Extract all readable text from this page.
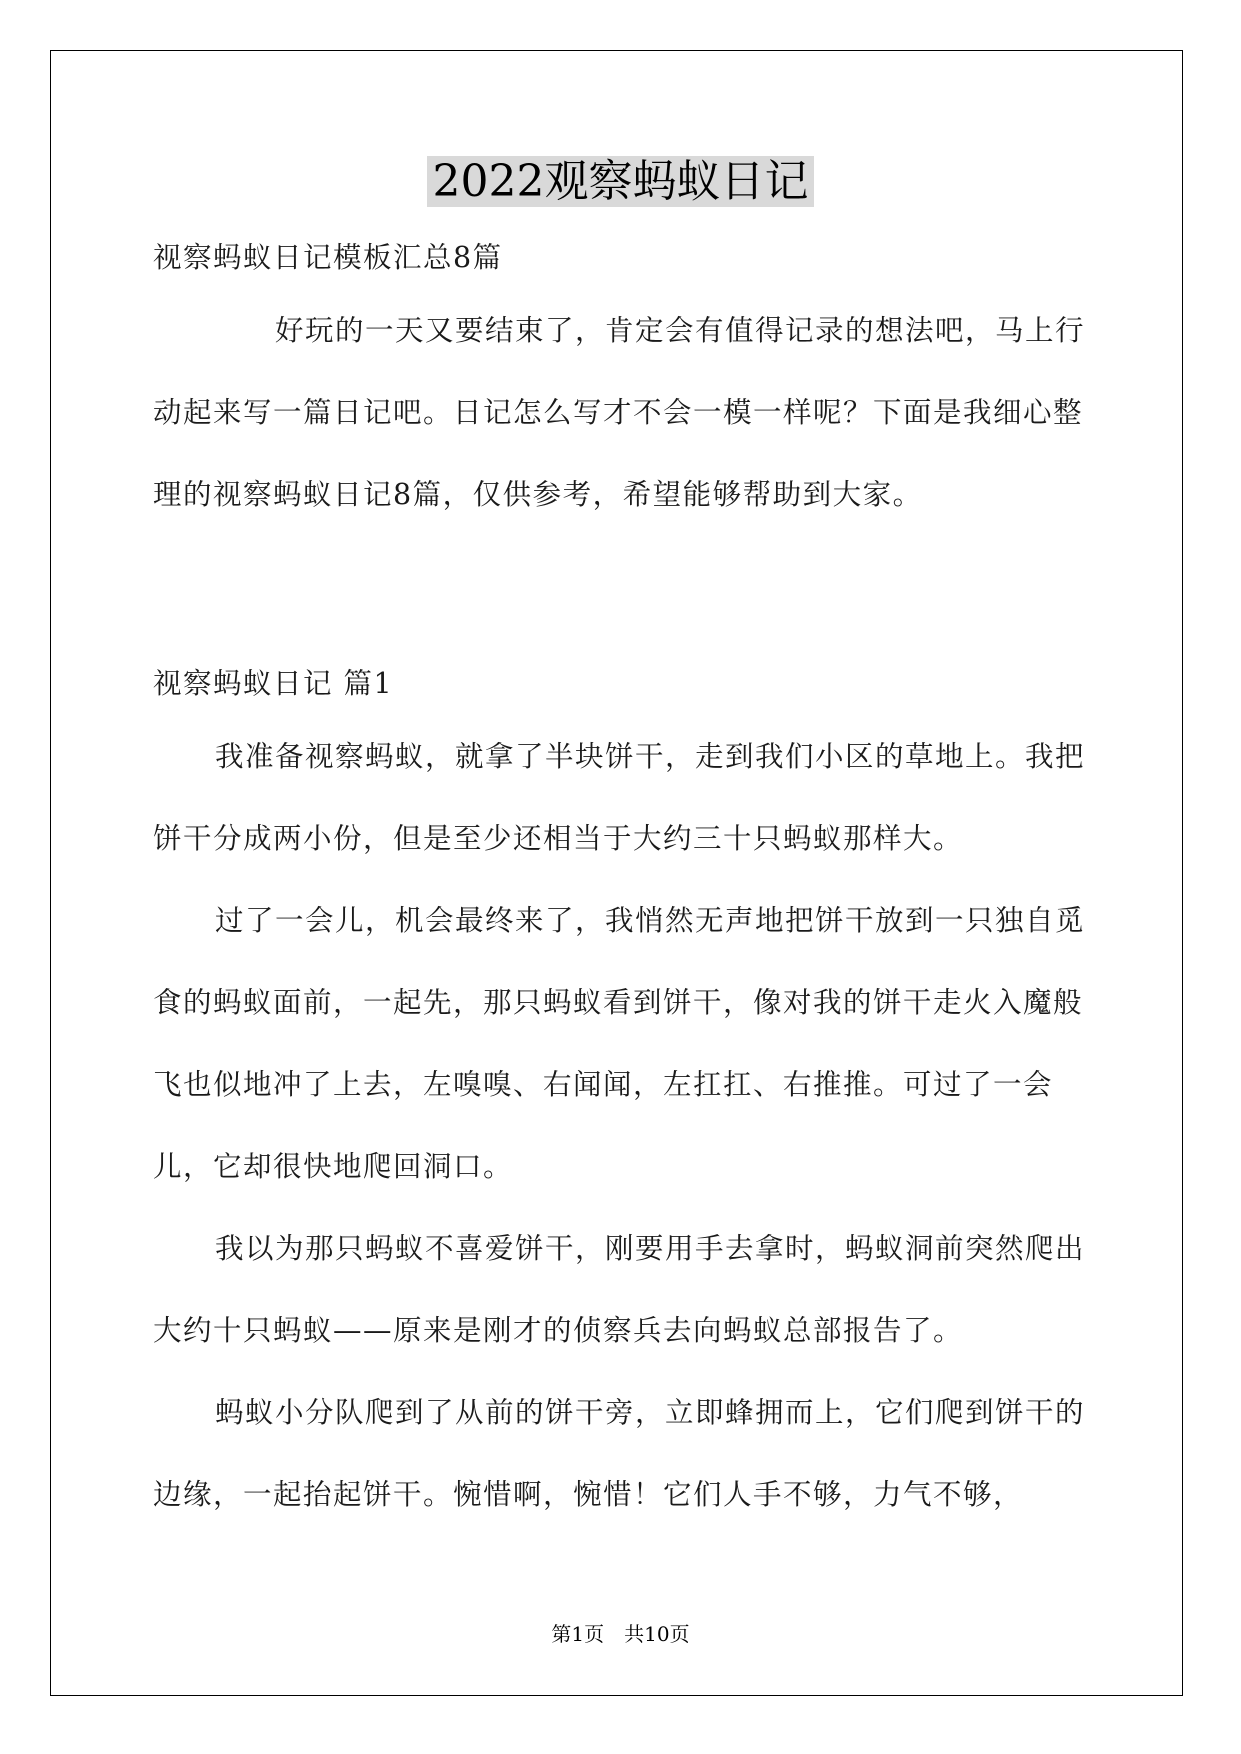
2022观察蚂蚁日记
视察蚂蚁日记模板汇总8篇
好玩的一天又要结束了，肯定会有值得记录的想法吧，马上行动起来写一篇日记吧。日记怎么写才不会一模一样呢？下面是我细心整理的视察蚂蚁日记8篇，仅供参考，希望能够帮助到大家。
视察蚂蚁日记 篇1
我准备视察蚂蚁，就拿了半块饼干，走到我们小区的草地上。我把饼干分成两小份，但是至少还相当于大约三十只蚂蚁那样大。
过了一会儿，机会最终来了，我悄然无声地把饼干放到一只独自觅食的蚂蚁面前，一起先，那只蚂蚁看到饼干，像对我的饼干走火入魔般飞也似地冲了上去，左嗅嗅、右闻闻，左扛扛、右推推。可过了一会儿，它却很快地爬回洞口。
我以为那只蚂蚁不喜爱饼干，刚要用手去拿时，蚂蚁洞前突然爬出大约十只蚂蚁——原来是刚才的侦察兵去向蚂蚁总部报告了。
蚂蚁小分队爬到了从前的饼干旁，立即蜂拥而上，它们爬到饼干的边缘，一起抬起饼干。惋惜啊，惋惜！它们人手不够，力气不够，
第1页　共10页
